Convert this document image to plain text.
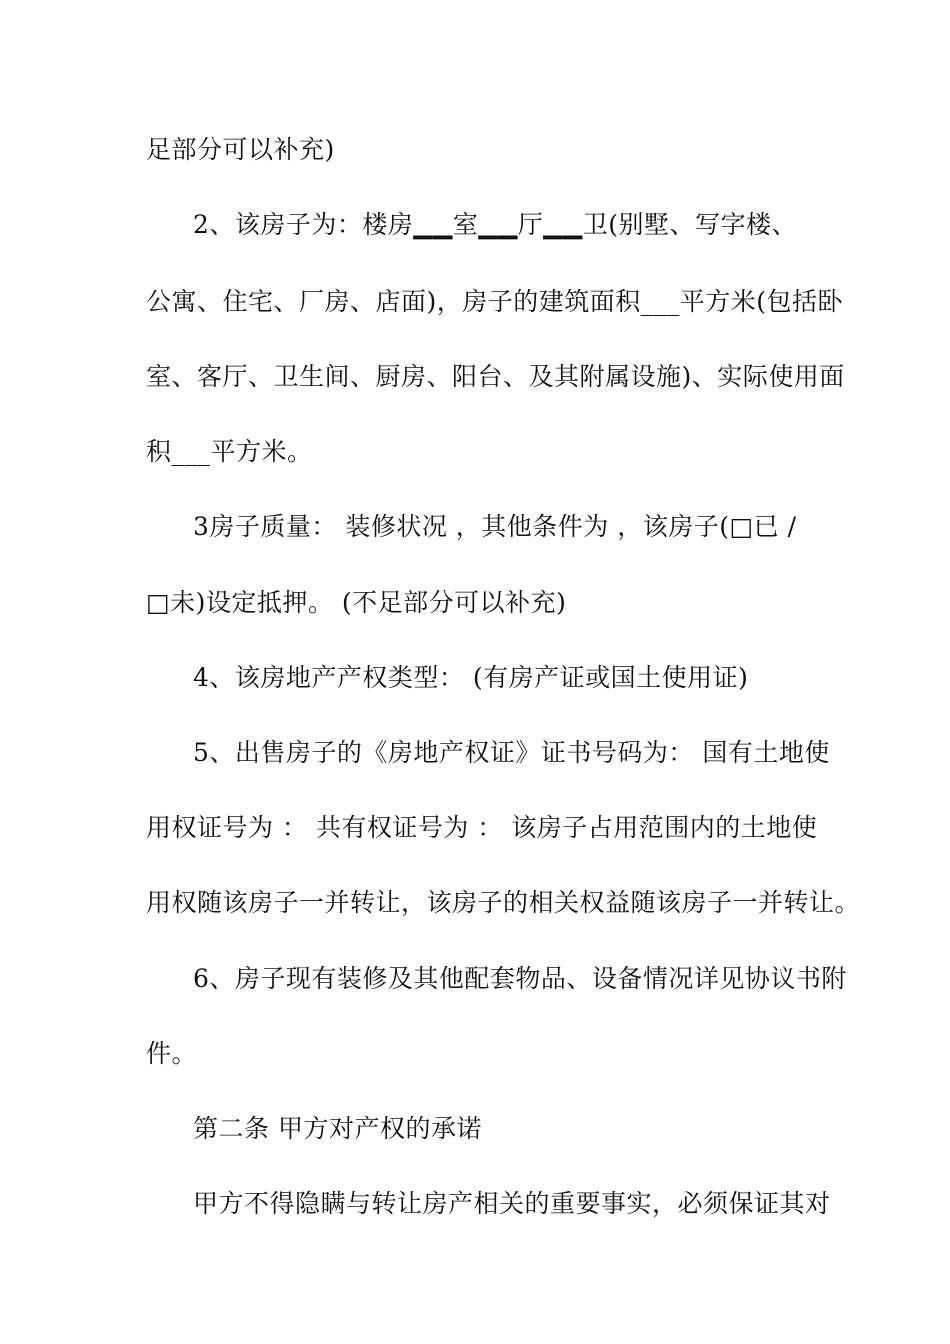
足部分可以补充)
2、该房子为：楼房▁▁室▁▁厅▁▁卫(别墅、写字楼、
公寓、住宅、厂房、店面)，房子的建筑面积___平方米(包括卧
室、客厅、卫生间、厨房、阳台、及其附属设施)、实际使用面
积___平方米。
3房子质量： 装修状况 ，其他条件为 ，该房子(□已 /
□未)设定抵押。 (不足部分可以补充)
4、该房地产产权类型： (有房产证或国土使用证)
5、出售房子的《房地产权证》证书号码为： 国有土地使
用权证号为 ： 共有权证号为 ： 该房子占用范围内的土地使
用权随该房子一并转让，该房子的相关权益随该房子一并转让。
6、房子现有装修及其他配套物品、设备情况详见协议书附
件。
第二条 甲方对产权的承诺
甲方不得隐瞒与转让房产相关的重要事实，必须保证其对
